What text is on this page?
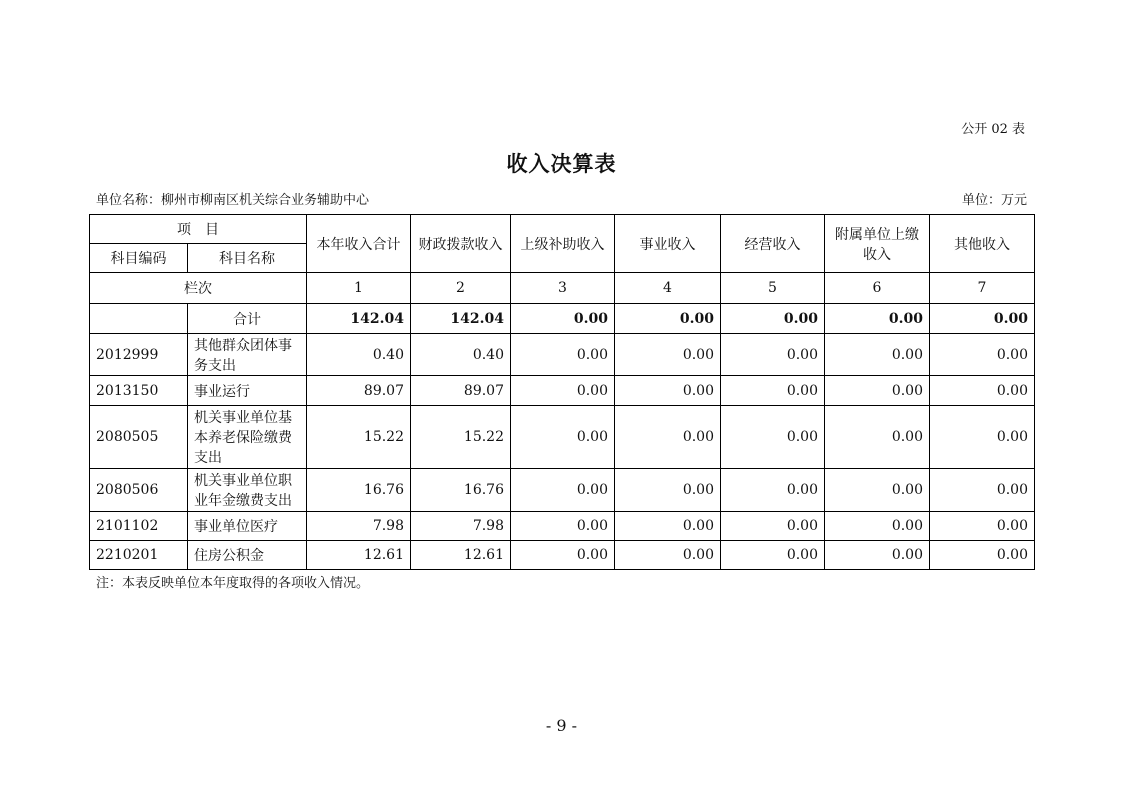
公开 02 表
收入决算表
单位名称：柳州市柳南区机关综合业务辅助中心	单位：万元
项　目		本年收入合计	财政拨款收入	上级补助收入	事业收入	经营收入	附属单位上缴收入	其他收入
科目编码	科目名称							
栏次		1	2	3	4	5	6	7
	合计	142.04	142.04	0.00	0.00	0.00	0.00	0.00
2012999	其他群众团体事务支出	0.40	0.40	0.00	0.00	0.00	0.00	0.00
2013150	事业运行	89.07	89.07	0.00	0.00	0.00	0.00	0.00
2080505	机关事业单位基本养老保险缴费支出	15.22	15.22	0.00	0.00	0.00	0.00	0.00
2080506	机关事业单位职业年金缴费支出	16.76	16.76	0.00	0.00	0.00	0.00	0.00
2101102	事业单位医疗	7.98	7.98	0.00	0.00	0.00	0.00	0.00
2210201	住房公积金	12.61	12.61	0.00	0.00	0.00	0.00	0.00
注：本表反映单位本年度取得的各项收入情况。
- 9 -
